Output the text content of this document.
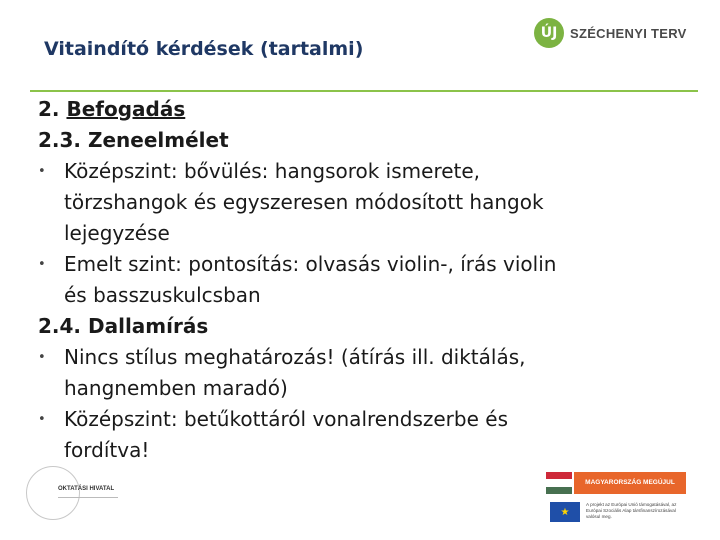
Vitaindító kérdések (tartalmi)
ÚJ SZÉCHENYI TERV
2. Befogadás
2.3. Zeneelmélet
• Középszint: bővülés: hangsorok ismerete,
törzshangok és egyszeresen módosított hangok
lejegyzése
• Emelt szint: pontosítás: olvasás violin-, írás violin
és basszuskulcsban
2.4. Dallamírás
• Nincs stílus meghatározás! (átírás ill. diktálás,
hangnemben maradó)
• Középszint: betűkottáról vonalrendszerbe és
fordítva!
OKTATÁSI HIVATAL
MAGYARORSZÁG MEGÚJUL
★
A projekt az Európai Unió támogatásával, az Európai Szociális Alap társfinanszírozásával valósul meg.
